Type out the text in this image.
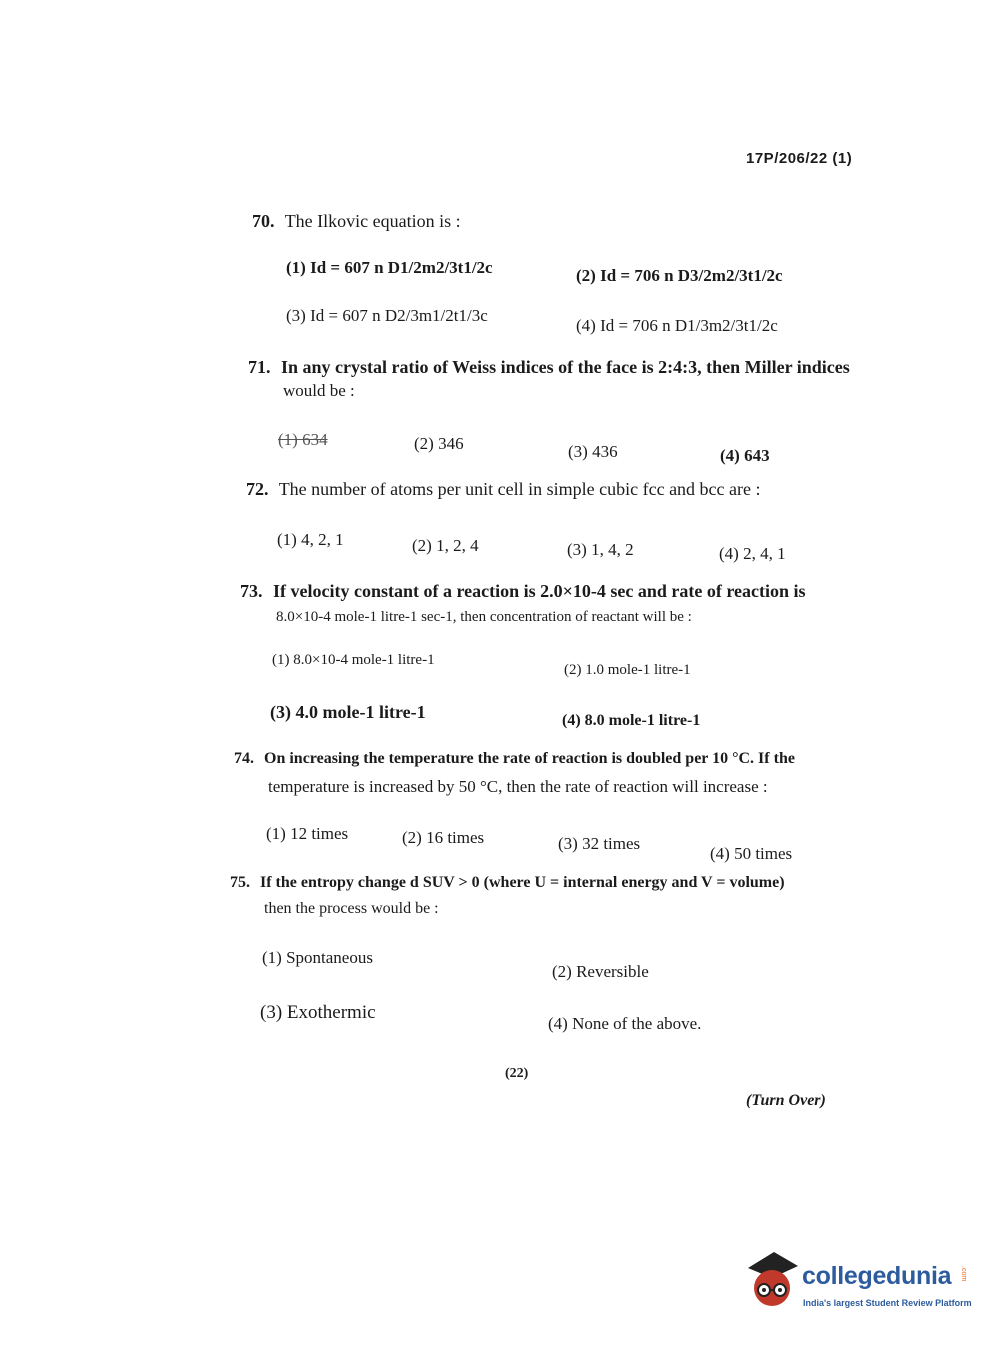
17P/206/22 (1)
70. The Ilkovic equation is :
(1) Id = 607 n D1/2m2/3t1/2c	(2) Id = 706 n D3/2m2/3t1/2c
(3) Id = 607 n D2/3m1/2t1/3c
(4) Id = 706 n D1/3m2/3t1/2c
71. In any crystal ratio of Weiss indices of the face is 2:4:3, then Miller indices
would be :
(1) 634	(2) 346	(3) 436	(4) 643
72. The number of atoms per unit cell in simple cubic fcc and bcc are :
(1) 4, 2, 1	(2) 1, 2, 4	(3) 1, 4, 2	(4) 2, 4, 1
73. If velocity constant of a reaction is 2.0×10-4 sec and rate of reaction is
8.0×10-4 mole-1 litre-1 sec-1, then concentration of reactant will be :
(1) 8.0×10-4 mole-1 litre-1
(2) 1.0 mole-1 litre-1
(3) 4.0 mole-1 litre-1	(4) 8.0 mole-1 litre-1
74. On increasing the temperature the rate of reaction is doubled per 10 °C. If the
temperature is increased by 50 °C, then the rate of reaction will increase :
(1) 12 times	(2) 16 times	(3) 32 times
(4) 50 times
75. If the entropy change d SUV > 0 (where U = internal energy and V = volume)
then the process would be :
(1) Spontaneous
(2) Reversible
(3) Exothermic
(4) None of the above.
(22)
(Turn Over)
collegedunia .com
India's largest Student Review Platform
